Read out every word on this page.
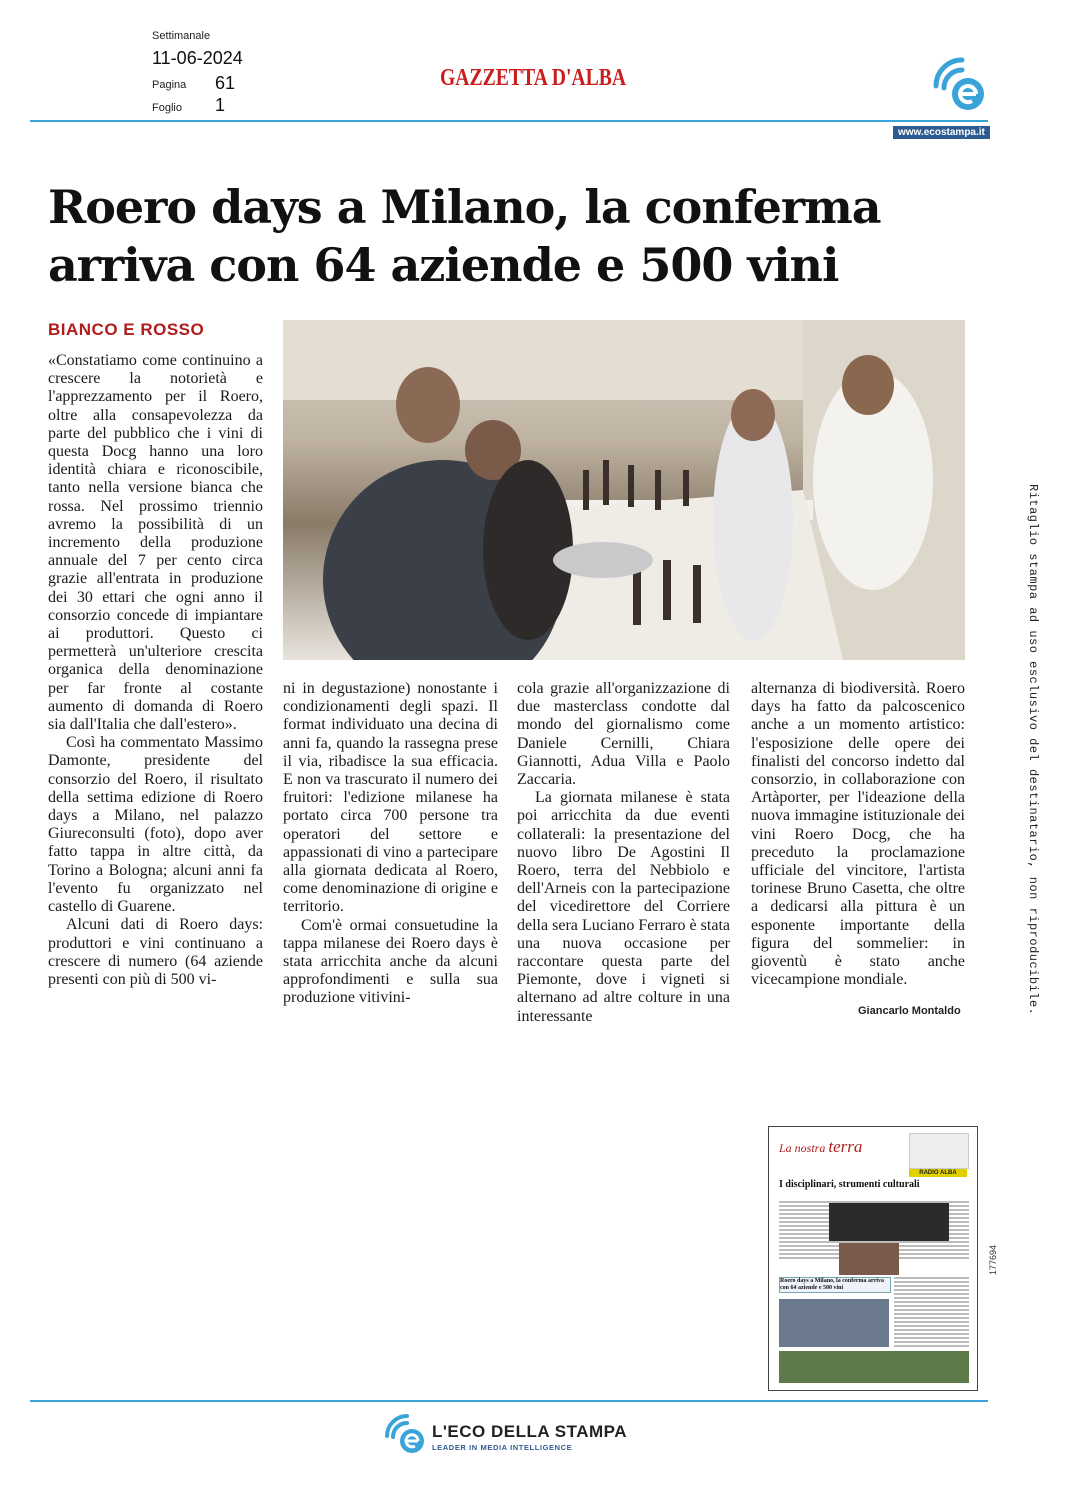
Settimanale
11-06-2024
Pagina 61
Foglio 1
GAZZETTA D'ALBA
www.ecostampa.it
Roero days a Milano, la conferma
arriva con 64 aziende e 500 vini
BIANCO E ROSSO

«Constatiamo come continuino a crescere la notorietà e l'apprezzamento per il Roero, oltre alla consapevolezza da parte del pubblico che i vini di questa Docg hanno una loro identità chiara e riconoscibile, tanto nella versione bianca che rossa. Nel prossimo triennio avremo la possibilità di un incremento della produzione annuale del 7 per cento circa grazie all'entrata in produzione dei 30 ettari che ogni anno il consorzio concede di impiantare ai produttori. Questo ci permetterà un'ulteriore crescita organica della denominazione per far fronte al costante aumento di domanda di Roero sia dall'Italia che dall'estero».

Così ha commentato Massimo Damonte, presidente del consorzio del Roero, il risultato della settima edizione di Roero days a Milano, nel palazzo Giureconsulti (foto), dopo aver fatto tappa in altre città, da Torino a Bologna; alcuni anni fa l'evento fu organizzato nel castello di Guarene.

Alcuni dati di Roero days: produttori e vini continuano a crescere di numero (64 aziende presenti con più di 500 vi-

ni in degustazione) nonostante i condizionamenti degli spazi. Il format individuato una decina di anni fa, quando la rassegna prese il via, ribadisce la sua efficacia. E non va trascurato il numero dei fruitori: l'edizione milanese ha portato circa 700 persone tra operatori del settore e appassionati di vino a partecipare alla giornata dedicata al Roero, come denominazione di origine e territorio.

Com'è ormai consuetudine la tappa milanese dei Roero days è stata arricchita anche da alcuni approfondimenti e sulla sua produzione vitivini-

cola grazie all'organizzazione di due masterclass condotte dal mondo del giornalismo come Daniele Cernilli, Chiara Giannotti, Adua Villa e Paolo Zaccaria.

La giornata milanese è stata poi arricchita da due eventi collaterali: la presentazione del nuovo libro De Agostini Il Roero, terra del Nebbiolo e dell'Arneis con la partecipazione del vicedirettore del Corriere della sera Luciano Ferraro è stata una nuova occasione per raccontare questa parte del Piemonte, dove i vigneti si alternano ad altre colture in una interessante

alternanza di biodiversità. Roero days ha fatto da palcoscenico anche a un momento artistico: l'esposizione delle opere dei finalisti del concorso indetto dal consorzio, in collaborazione con Artàporter, per l'ideazione della nuova immagine istituzionale dei vini Roero Docg, che ha preceduto la proclamazione ufficiale del vincitore, l'artista torinese Bruno Casetta, che oltre a dedicarsi alla pittura è un esponente importante della figura del sommelier: in gioventù è stato anche vicecampione mondiale.

Giancarlo Montaldo	Ritaglio stampa ad uso esclusivo del destinatario, non riproducibile.
177694
La nostra terra
RADIO ALBA
I disciplinari, strumenti culturali
Roero days a Milano, la conferma arriva con 64 aziende e 500 vini
L'ECO DELLA STAMPA
LEADER IN MEDIA INTELLIGENCE
